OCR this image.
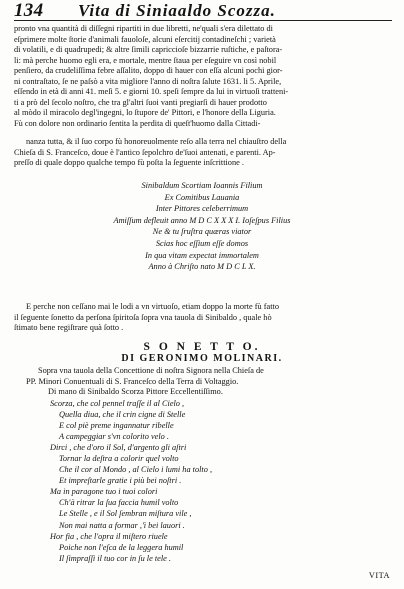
134 Vita di Siniaaldo Scozza.
pronto vna quantità di diſſegni ripartiti in due libretti, ne'quali s'era dilettato di
eſprimere molte ſtorie d'animali fauoloſe, alcuni eſercitij contadineſchi ; varietà
di volatili, e di quadrupedi; & altre ſimili capriccioſe bizzarrie ruſtiche, e paſtora-
li: mà perche huomo egli era, e mortale, mentre ſtaua per eſeguire vn così nobil
penſiero, da crudeliſſima febre aſſalito, doppo di hauer con eſſa alcuni pochi gior-
ni contraſtato, ſe ne paſsò a vita migliore l'anno di noſtra ſalute 1631. li 5. Aprile,
eſſendo in età di anni 41. meſi 5. e giorni 10. speſi ſempre da lui in virtuoſi tratteni-
ti a prò del ſecolo noſtro, che tra gl'altri ſuoi vanti pregiarſi di hauer prodotto
al mòdo il miracolo degl'ingegni, lo ſtupore de' Pittori, e l'honore della Liguria.
Fù con dolore non ordinario ſentita la perdita di queſt'huomo dalla Cittadi-
nanza tutta, & il ſuo corpo fù honoreuolmente reſo alla terra nel chiauſtro della
Chieſa di S. Franceſco, doue è l'antico ſepolchro de'ſuoi antenati, e parenti. Ap-
preſſo di quale doppo qualche tempo fù poſta la ſeguente inſcrittione .
Sinibaldum Scortiam Ioannis Filium
Ex Comitibus Lauania
Inter Pittores celeberrimum
Amiſſum defleuit anno M D C X X X I. Ioſeſpus Filius
Ne & tu ſruſtra quæras viator
Scias hoc eſſium eſſe domos
In qua vitam expectat immortalem
Anno à Chriſto nato M D C L X.
E perche non ceſſano mai le lodi a vn virtuoſo, etiam doppo la morte fù fatto
il ſeguente ſonetto da perſona ſpiritoſa ſopra vna tauola di Sinibaldo , quale hò
ſtimato bene regiſtrare quà ſotto .
S O N E T T O.
DI GERONIMO MOLINARI.
Sopra vna tauola della Concettione di noſtra Signora nella Chieſa de
PP. Minori Conuentuali di S. Franceſco della Terra di Voltaggio.
Di mano di Sinibaldo Scorza Pittore Eccellentiſſimo.
Scorza, che col pennel traſſe il al Cielo ,
Quella diua, che il crin cigne di Stelle
E col piè preme ingannatur ribelle
A campeggiar s'vn colorito velo .
Dirci , che d'oro il Sol, d'argento gli aſtri
Tornar la deſtra a colorir quel volto
Che il cor al Mondo , al Cielo i lumi ha tolto ,
Et impreſtarle gratie i più bei noſtri .
Ma in paragone tuo i tuoi colori
Ch'à ritrar la ſua faccia humil volto
Le Stelle , e il Sol ſembran miſtura vile ,
Non mai natta a formar ,'ì bei lauori .
Hor fia , che l'opra il miſtero riuele
Poiche non l'eſca de la leggera humil
Il ſimpraſſi il tuo cor in ſu le tele .
VITA
